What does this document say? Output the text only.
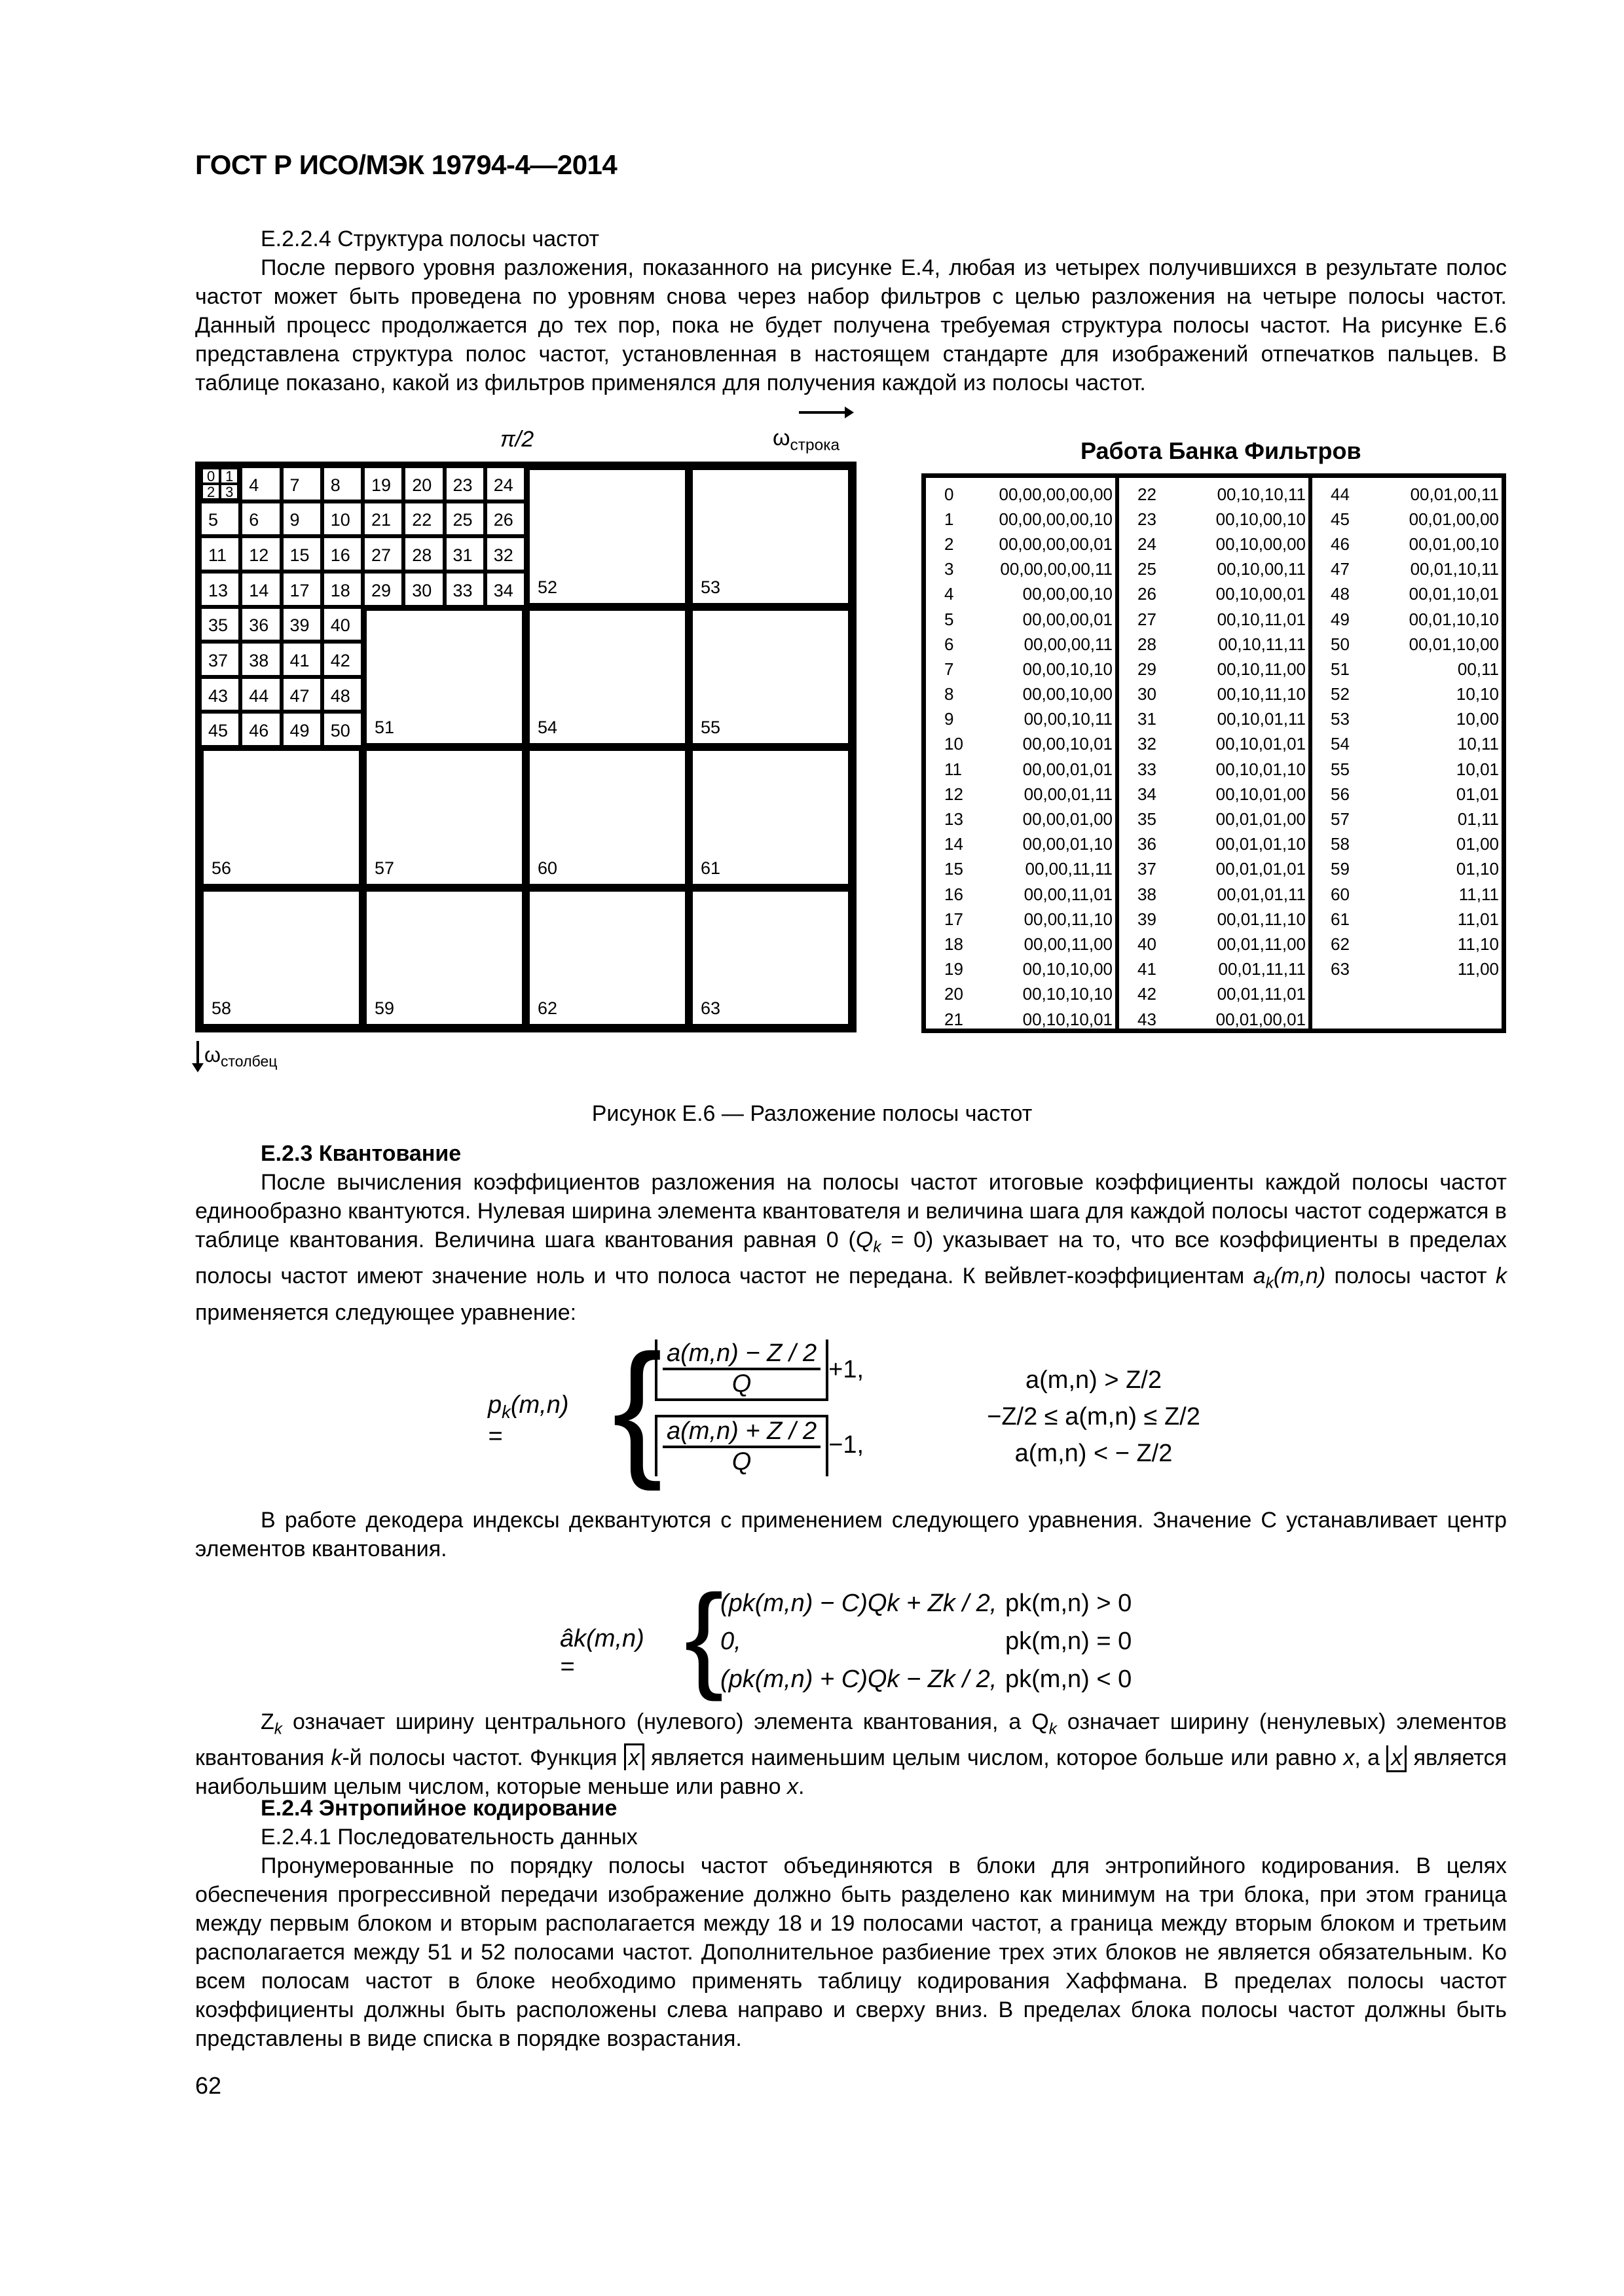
ГОСТ Р ИСО/МЭК 19794-4—2014
Е.2.2.4 Структура полосы частот
После первого уровня разложения, показанного на рисунке Е.4, любая из четырех получившихся в результате полос частот может быть проведена по уровням снова через набор фильтров с целью разложения на четыре полосы частот. Данный процесс продолжается до тех пор, пока не будет получена требуемая структура полосы частот. На рисунке Е.6 представлена структура полос частот, установленная в настоящем стандарте для изображений отпечатков пальцев. В таблице показано, какой из фильтров применялся для получения каждой из полосы частот.
π/2	$\omega_{строка}$
4 7 8 19 20 23 24
5 6 9 10 21 22 25 26
11 12 15 16 27 28 31 32
13 14 17 18 29 30 33 34
35 36 39 40
37 38 41 42
43 44 47 48
45 46 49 50
52	53
51	54	55
56	57	60	61
58	59	62	63
0 1
2 3
$\omega_{столбец}$
Работа Банка Фильтров
0	00,00,00,00,00
1	00,00,00,00,10
2	00,00,00,00,01
3	00,00,00,00,11
4	00,00,00,10
5	00,00,00,01
6	00,00,00,11
7	00,00,10,10
8	00,00,10,00
9	00,00,10,11
10	00,00,10,01
11	00,00,01,01
12	00,00,01,11
13	00,00,01,00
14	00,00,01,10
15	00,00,11,11
16	00,00,11,01
17	00,00,11,10
18	00,00,11,00
19	00,10,10,00
20	00,10,10,10
21	00,10,10,01
22	00,10,10,11
23	00,10,00,10
24	00,10,00,00
25	00,10,00,11
26	00,10,00,01
27	00,10,11,01
28	00,10,11,11
29	00,10,11,00
30	00,10,11,10
31	00,10,01,11
32	00,10,01,01
33	00,10,01,10
34	00,10,01,00
35	00,01,01,00
36	00,01,01,10
37	00,01,01,01
38	00,01,01,11
39	00,01,11,10
40	00,01,11,00
41	00,01,11,11
42	00,01,11,01
43	00,01,00,01
44	00,01,00,11
45	00,01,00,00
46	00,01,00,10
47	00,01,10,11
48	00,01,10,01
49	00,01,10,10
50	00,01,10,00
51	00,11
52	10,10
53	10,00
54	10,11
55	10,01
56	01,01
57	01,11
58	01,00
59	01,10
60	11,11
61	11,01
62	11,10
63	11,00
Рисунок Е.6 — Разложение полосы частот
Е.2.3 Квантование
После вычисления коэффициентов разложения на полосы частот итоговые коэффициенты каждой полосы частот единообразно квантуются. Нулевая ширина элемента квантователя и величина шага для каждой полосы частот содержатся в таблице квантования. Величина шага квантования равная 0 $(Q_k = 0)$ указывает на то, что все коэффициенты в пределах полосы частот имеют значение ноль и что полоса частот не передана. К вейвлет-коэффициентам $a_k(m,n)$ полосы частот k применяется следующее уравнение:
$p_k(m,n)$ = { $\frac{a(m,n) - Z / 2}{Q} +1$,
$\frac{a(m,n) + Z / 2}{Q} -1$,
a(m,n) > Z/2
−Z/2 ≤ a(m,n) ≤ Z/2
a(m,n) < − Z/2
В работе декодера индексы деквантуются с применением следующего уравнения. Значение C устанавливает центр элементов квантования.
âk(m,n) = {
(pk(m,n) − C)Qk + Zk / 2,
0,
(pk(m,n) + C)Qk − Zk / 2,
pk(m,n) > 0
pk(m,n) = 0
pk(m,n) < 0
$Z_k$ означает ширину центрального (нулевого) элемента квантования, а $Q_k$ означает ширину (ненулевых) элементов квантования k-й полосы частот. Функция x является наименьшим целым числом, которое больше или равно x, а x является наибольшим целым числом, которые меньше или равно x.
Е.2.4 Энтропийное кодирование
Е.2.4.1 Последовательность данных
Пронумерованные по порядку полосы частот объединяются в блоки для энтропийного кодирования. В целях обеспечения прогрессивной передачи изображение должно быть разделено как минимум на три блока, при этом граница между первым блоком и вторым располагается между 18 и 19 полосами частот, а граница между вторым блоком и третьим располагается между 51 и 52 полосами частот. Дополнительное разбиение трех этих блоков не является обязательным. Ко всем полосам частот в блоке необходимо применять таблицу кодирования Хаффмана. В пределах полосы частот коэффициенты должны быть расположены слева направо и сверху вниз. В пределах блока полосы частот должны быть представлены в виде списка в порядке возрастания.
62
